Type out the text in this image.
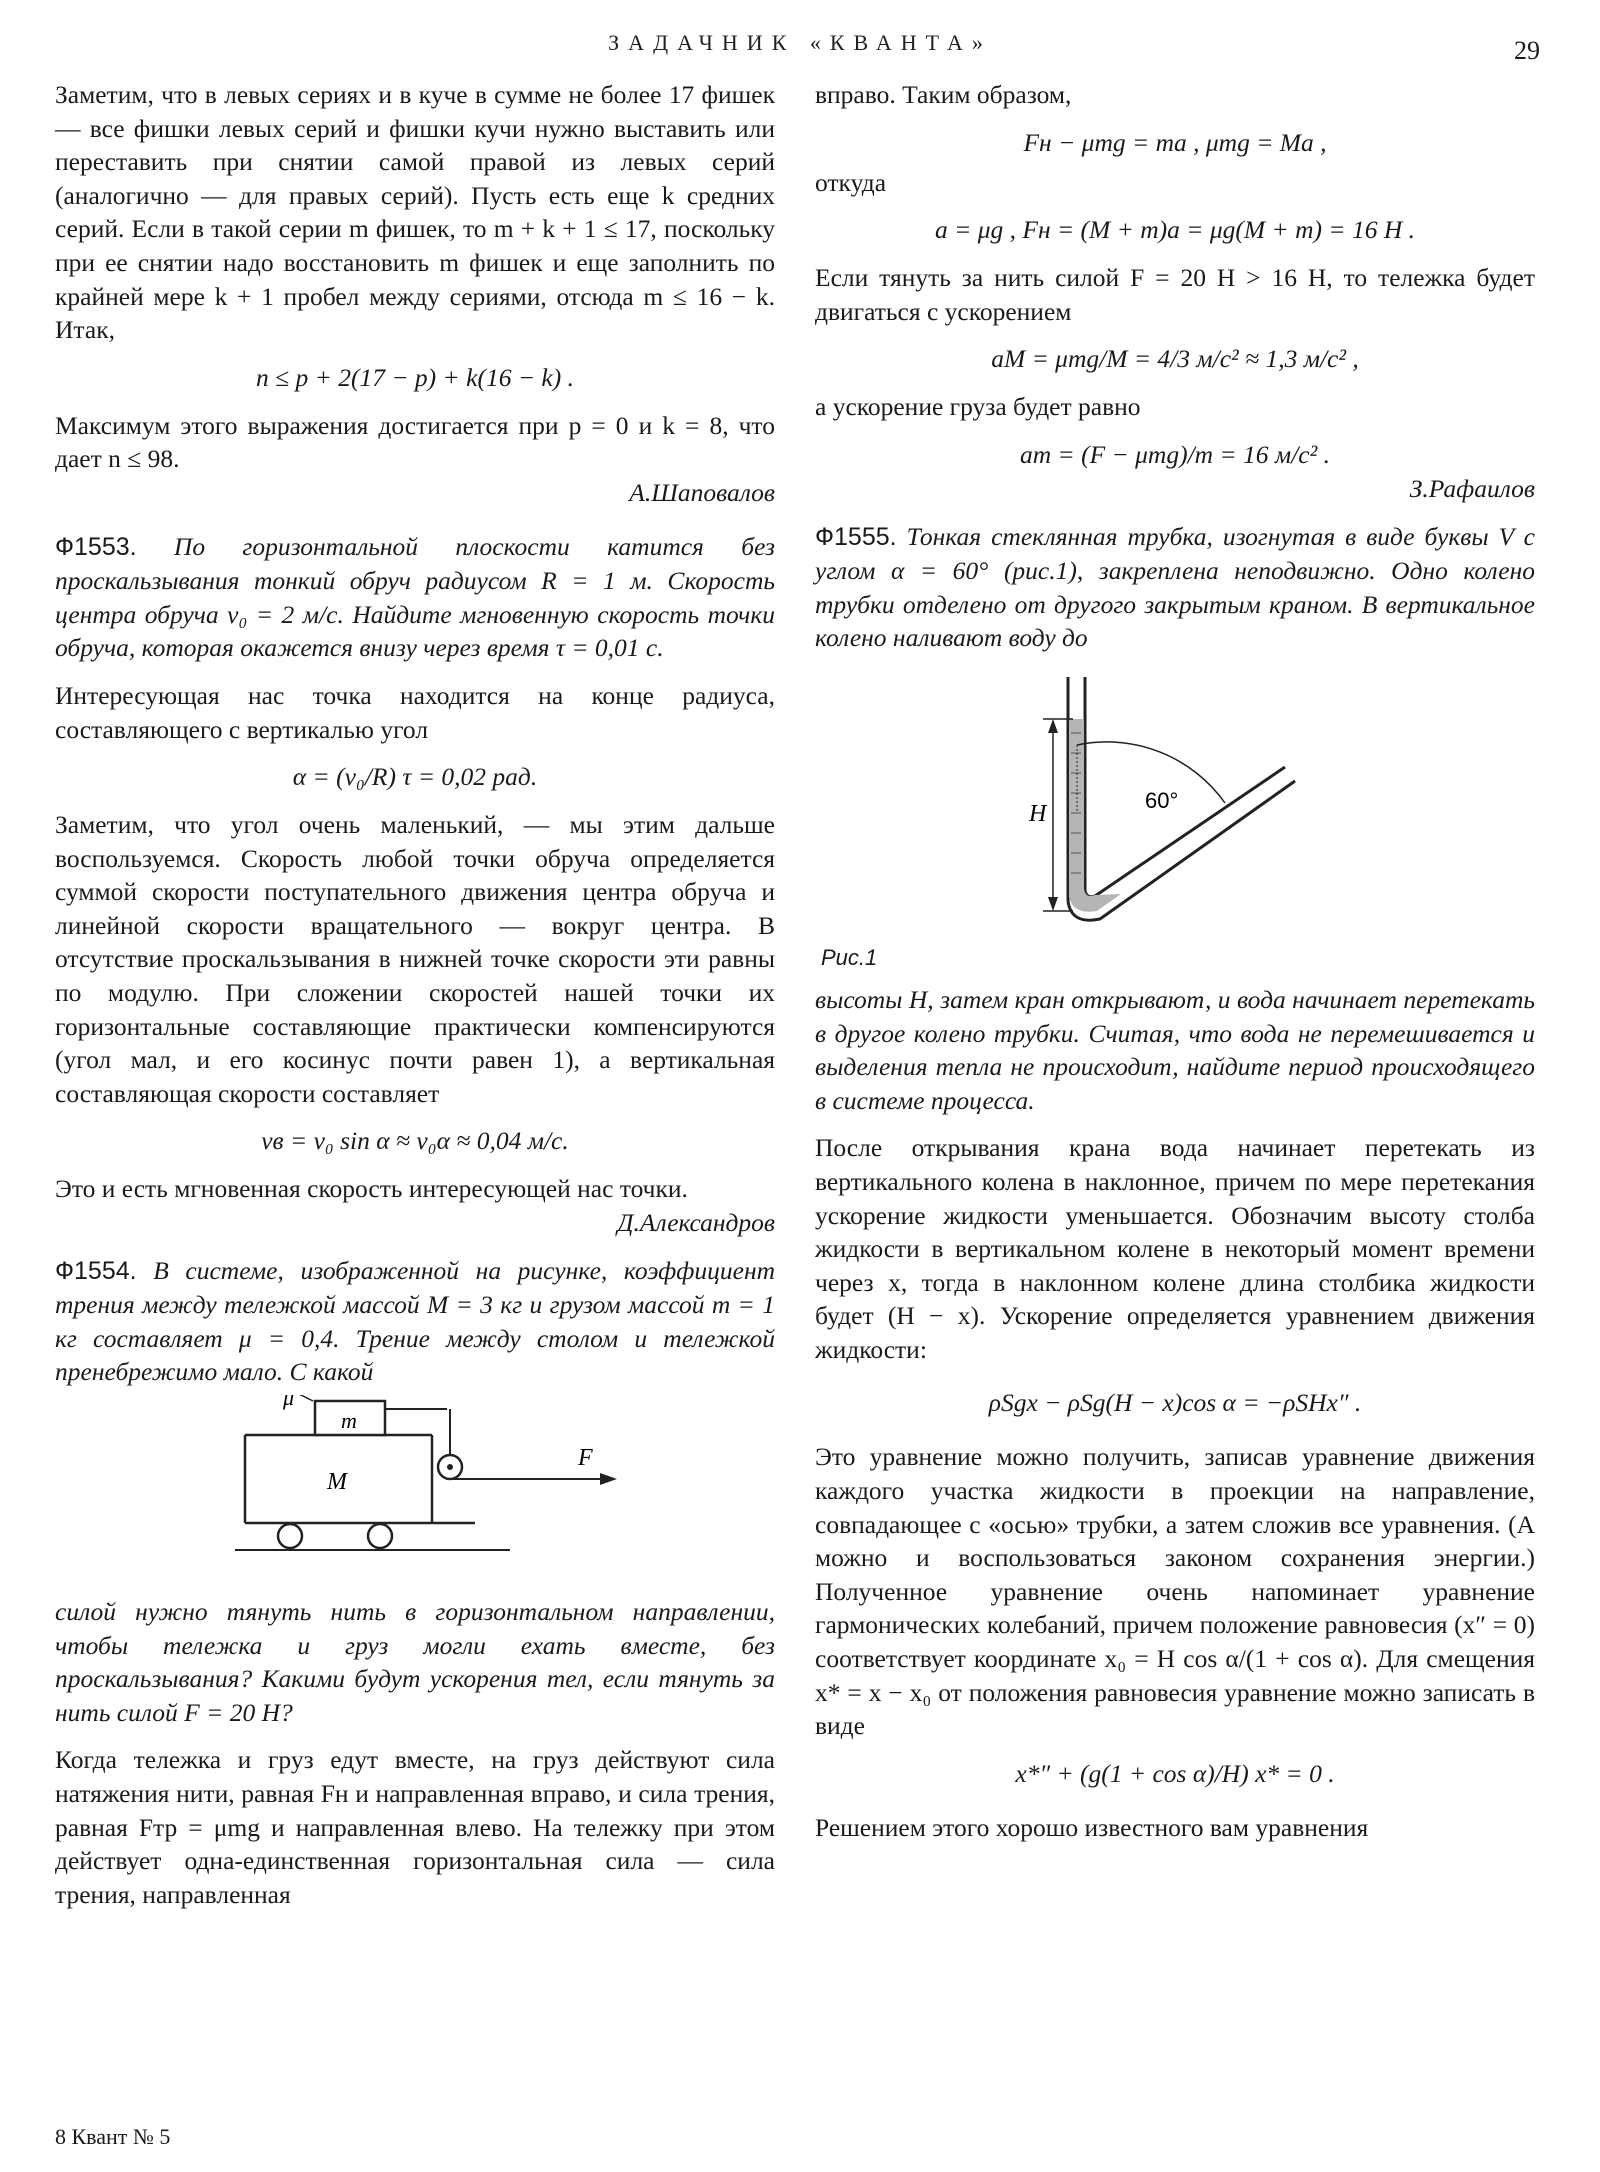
ЗАДАЧНИК «КВАНТА»	29

Заметим, что в левых сериях и в куче в сумме не более 17 фишек — все фишки левых серий и фишки кучи нужно выставить или переставить при снятии самой правой из левых серий (аналогично — для правых серий). Пусть есть еще k средних серий. Если в такой серии m фишек, то m + k + 1 ≤ 17, поскольку при ее снятии надо восстановить m фишек и еще заполнить по крайней мере k + 1 пробел между сериями, отсюда m ≤ 16 − k. Итак,

n ≤ p + 2(17 − p) + k(16 − k) .

Максимум этого выражения достигается при p = 0 и k = 8, что дает n ≤ 98.

А.Шаповалов

Ф1553. По горизонтальной плоскости катится без проскальзывания тонкий обруч радиусом R = 1 м. Скорость центра обруча v₀ = 2 м/с. Найдите мгновенную скорость точки обруча, которая окажется внизу через время τ = 0,01 с.

Интересующая нас точка находится на конце радиуса, составляющего с вертикалью угол

α = (v₀/R) τ = 0,02 рад.

Заметим, что угол очень маленький, — мы этим дальше воспользуемся. Скорость любой точки обруча определяется суммой скорости поступательного движения центра обруча и линейной скорости вращательного — вокруг центра. В отсутствие проскальзывания в нижней точке скорости эти равны по модулю. При сложении скоростей нашей точки их горизонтальные составляющие практически компенсируются (угол мал, и его косинус почти равен 1), а вертикальная составляющая скорости составляет

vв = v₀ sin α ≈ v₀α ≈ 0,04 м/с.

Это и есть мгновенная скорость интересующей нас точки.

Д.Александров

Ф1554. В системе, изображенной на рисунке, коэффициент трения между тележкой массой M = 3 кг и грузом массой m = 1 кг составляет μ = 0,4. Трение между столом и тележкой пренебрежимо мало. С какой

μ
m
M
F

силой нужно тянуть нить в горизонтальном направлении, чтобы тележка и груз могли ехать вместе, без проскальзывания? Какими будут ускорения тел, если тянуть за нить силой F = 20 Н?

Когда тележка и груз едут вместе, на груз действуют сила натяжения нити, равная Fн и направленная вправо, и сила трения, равная Fтр = μmg и направленная влево. На тележку при этом действует одна-единственная горизонтальная сила — сила трения, направленная

вправо. Таким образом,

Fн − μmg = ma , μmg = Ma ,

откуда

a = μg , Fн = (M + m)a = μg(M + m) = 16 Н .

Если тянуть за нить силой F = 20 Н > 16 Н, то тележка будет двигаться с ускорением

aM = μmg/M = 4/3 м/с² ≈ 1,3 м/с² ,

а ускорение груза будет равно

am = (F − μmg)/m = 16 м/с² .

З.Рафаилов

Ф1555. Тонкая стеклянная трубка, изогнутая в виде буквы V с углом α = 60° (рис.1), закреплена неподвижно. Одно колено трубки отделено от другого закрытым краном. В вертикальное колено наливают воду до

H
60°
Рис.1

высоты H, затем кран открывают, и вода начинает перетекать в другое колено трубки. Считая, что вода не перемешивается и выделения тепла не происходит, найдите период происходящего в системе процесса.

После открывания крана вода начинает перетекать из вертикального колена в наклонное, причем по мере перетекания ускорение жидкости уменьшается. Обозначим высоту столба жидкости в вертикальном колене в некоторый момент времени через x, тогда в наклонном колене длина столбика жидкости будет (H − x). Ускорение определяется уравнением движения жидкости:

ρSgx − ρSg(H − x)cos α = −ρSHx″ .

Это уравнение можно получить, записав уравнение движения каждого участка жидкости в проекции на направление, совпадающее с «осью» трубки, а затем сложив все уравнения. (А можно и воспользоваться законом сохранения энергии.) Полученное уравнение очень напоминает уравнение гармонических колебаний, причем положение равновесия (x″ = 0) соответствует координате x₀ = H cos α/(1 + cos α). Для смещения x* = x − x₀ от положения равновесия уравнение можно записать в виде

x*″ + (g(1 + cos α)/H) x* = 0 .

Решением этого хорошо известного вам уравнения

8 Квант № 5
